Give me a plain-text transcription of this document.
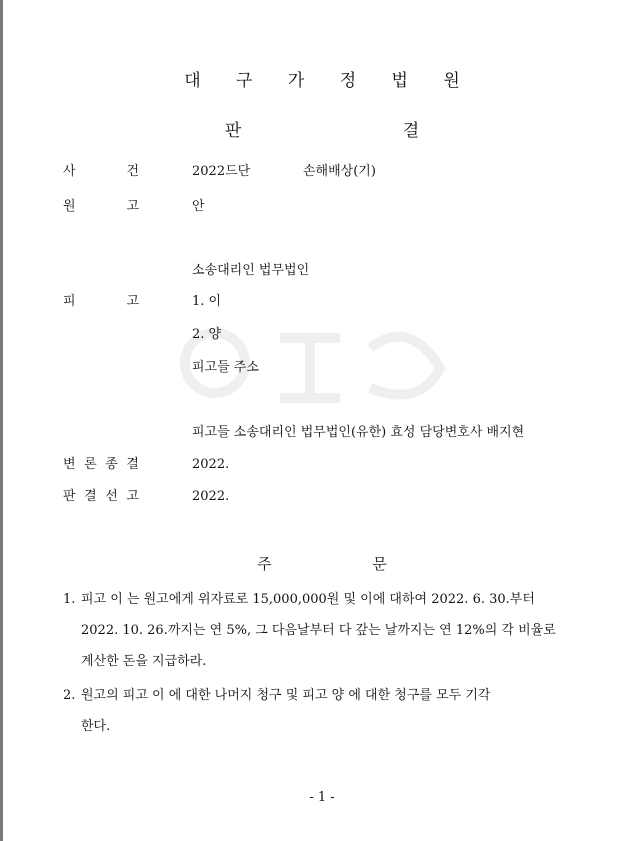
대 구 가 정 법 원
판 결
사	건	2022드단	손해배상(기)
원	고	안
소송대리인 법무법인
피	고	1. 이
2. 양
피고들 주소
피고들 소송대리인 법무법인(유한) 효성 담당변호사 배지현
변 론 종 결	2022.
판 결 선 고	2022.
주 문
1. 피고 이 는 원고에게 위자료로 15,000,000원 및 이에 대하여 2022. 6. 30.부터
2022. 10. 26.까지는 연 5%, 그 다음날부터 다 갚는 날까지는 연 12%의 각 비율로
계산한 돈을 지급하라.
2. 원고의 피고 이 에 대한 나머지 청구 및 피고 양 에 대한 청구를 모두 기각
한다.
- 1 -
